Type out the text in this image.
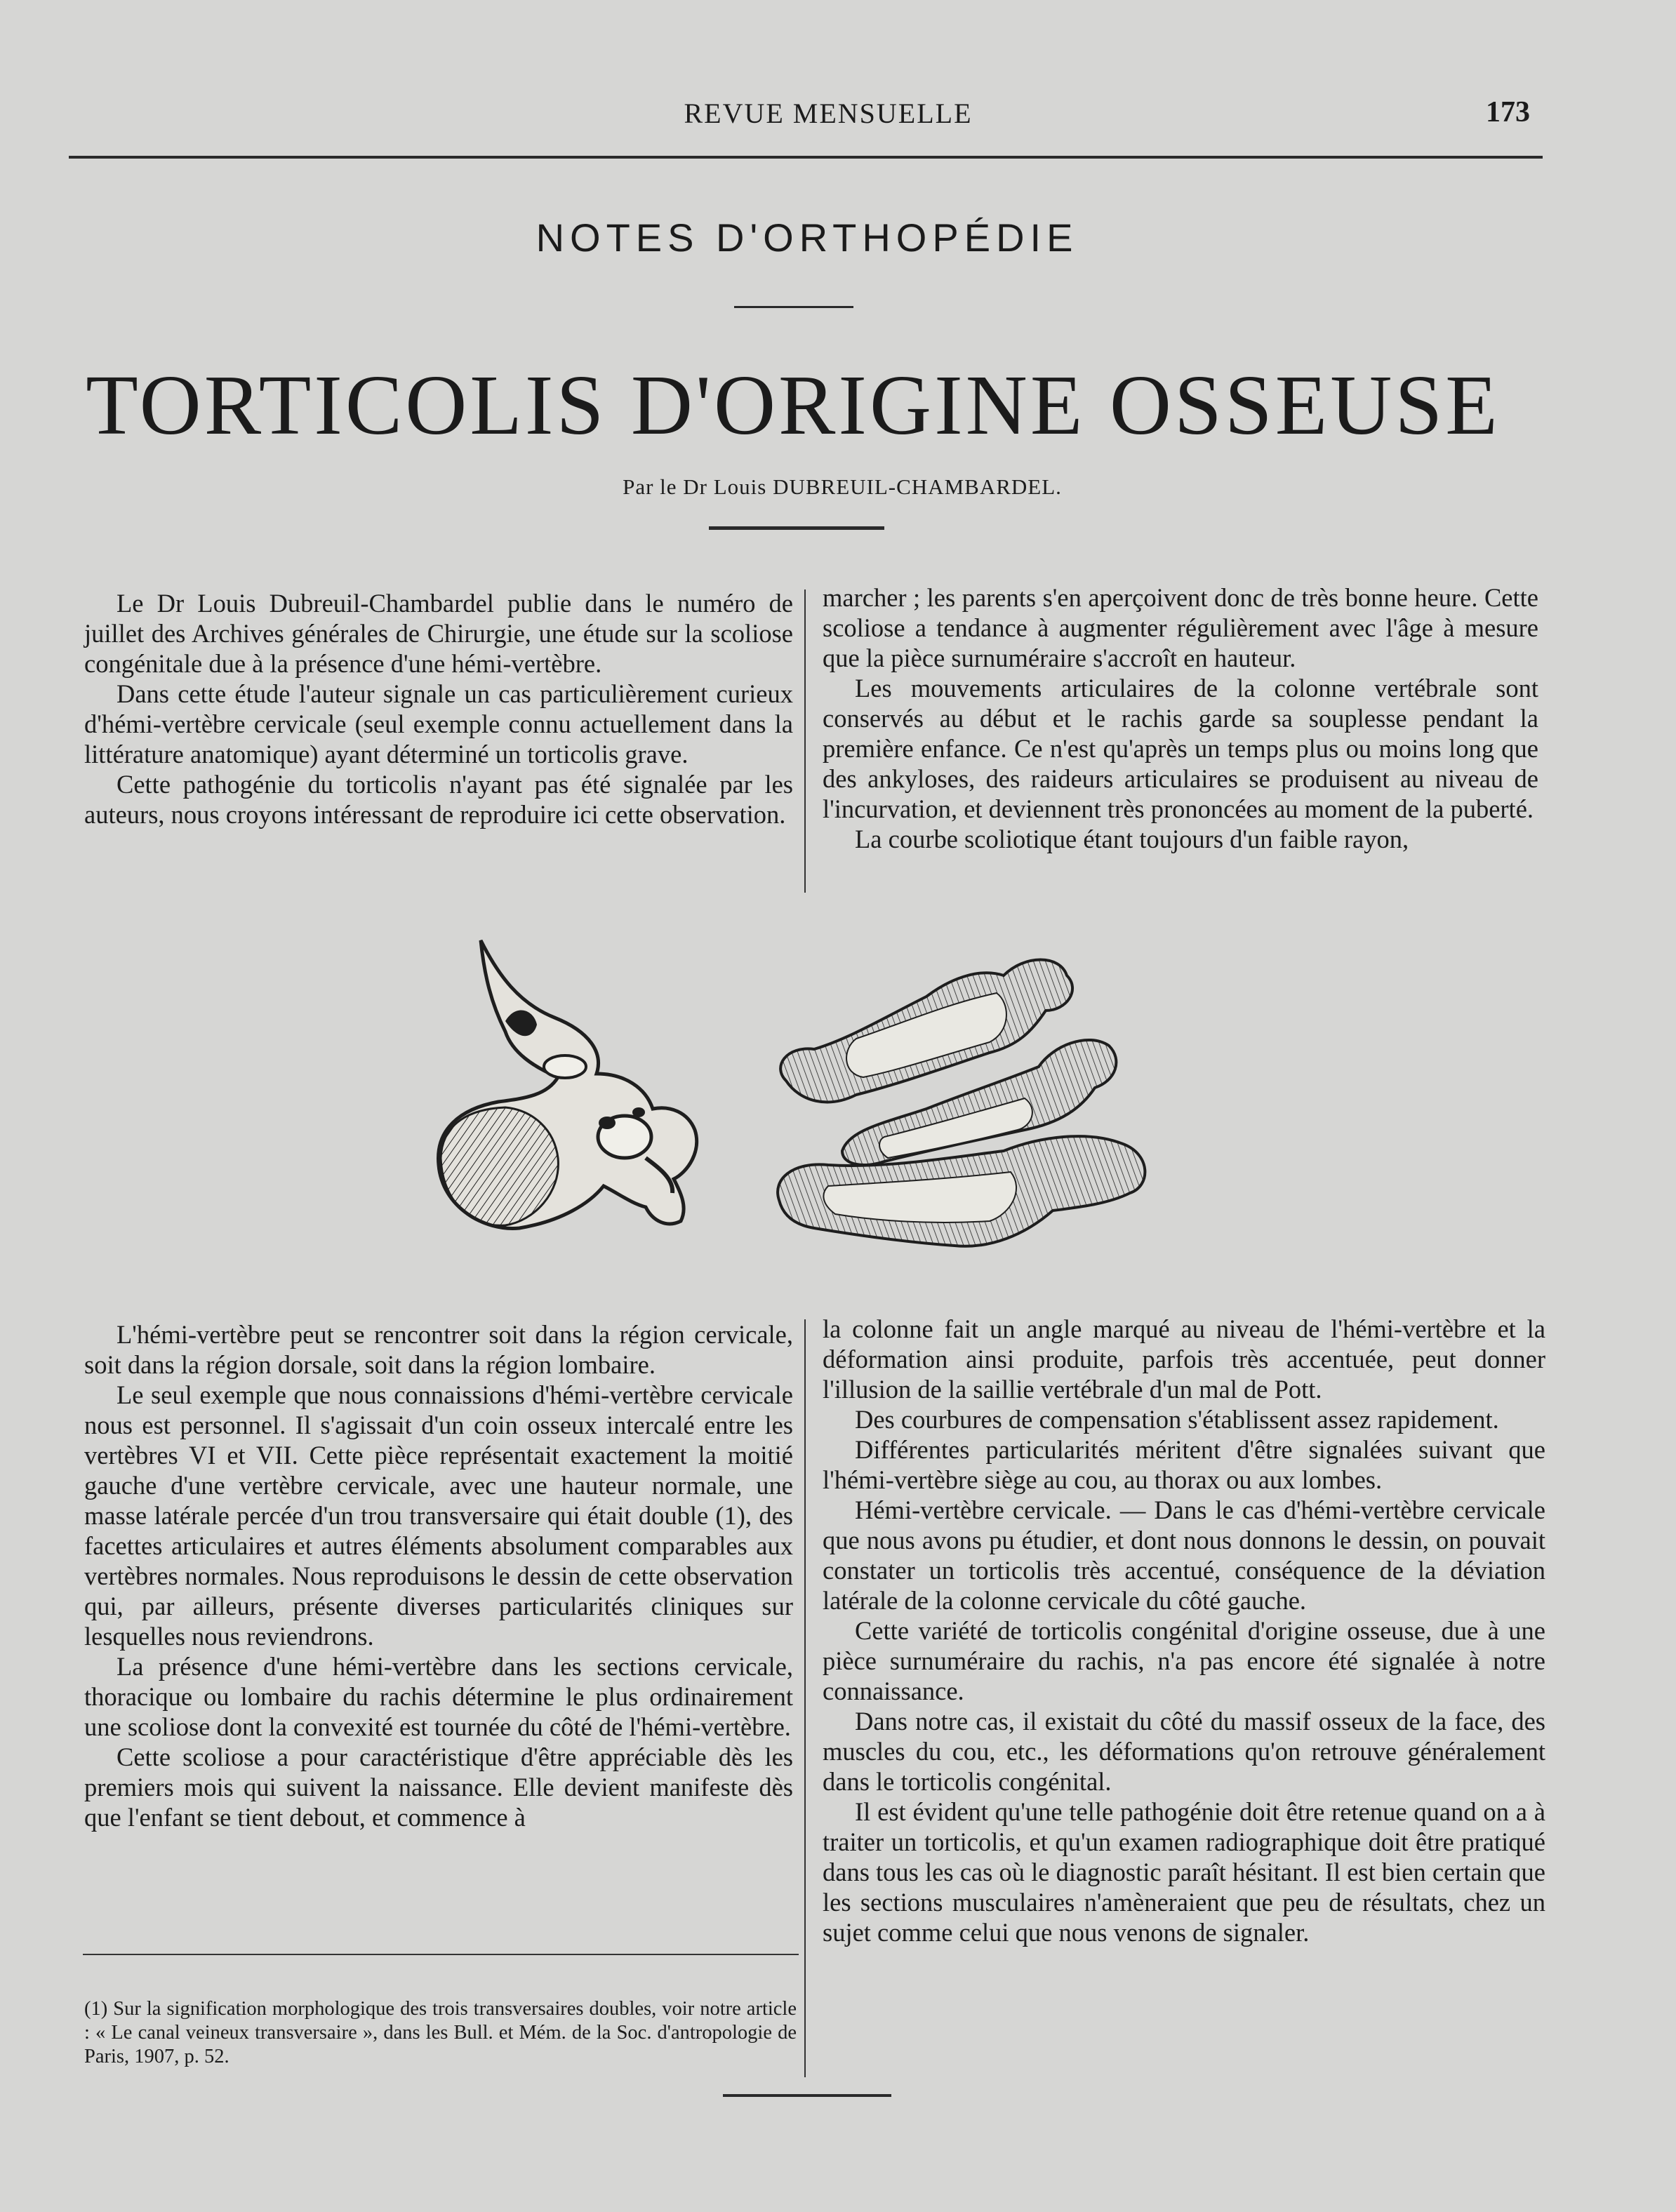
REVUE MENSUELLE	173
NOTES D'ORTHOPÉDIE
TORTICOLIS D'ORIGINE OSSEUSE
Par le Dr Louis DUBREUIL-CHAMBARDEL.

Le Dr Louis Dubreuil-Chambardel publie dans le numéro de juillet des Archives générales de Chirurgie, une étude sur la scoliose congénitale due à la présence d'une hémi-vertèbre.

Dans cette étude l'auteur signale un cas particulièrement curieux d'hémi-vertèbre cervicale (seul exemple connu actuellement dans la littérature anatomique) ayant déterminé un torticolis grave.

Cette pathogénie du torticolis n'ayant pas été signalée par les auteurs, nous croyons intéressant de reproduire ici cette observation.

marcher ; les parents s'en aperçoivent donc de très bonne heure. Cette scoliose a tendance à augmenter régulièrement avec l'âge à mesure que la pièce surnuméraire s'accroît en hauteur.

Les mouvements articulaires de la colonne vertébrale sont conservés au début et le rachis garde sa souplesse pendant la première enfance. Ce n'est qu'après un temps plus ou moins long que des ankyloses, des raideurs articulaires se produisent au niveau de l'incurvation, et deviennent très prononcées au moment de la puberté.

La courbe scoliotique étant toujours d'un faible rayon,

L'hémi-vertèbre peut se rencontrer soit dans la région cervicale, soit dans la région dorsale, soit dans la région lombaire.

Le seul exemple que nous connaissions d'hémi-vertèbre cervicale nous est personnel. Il s'agissait d'un coin osseux intercalé entre les vertèbres VI et VII. Cette pièce représentait exactement la moitié gauche d'une vertèbre cervicale, avec une hauteur normale, une masse latérale percée d'un trou transversaire qui était double (1), des facettes articulaires et autres éléments absolument comparables aux vertèbres normales. Nous reproduisons le dessin de cette observation qui, par ailleurs, présente diverses particularités cliniques sur lesquelles nous reviendrons.

La présence d'une hémi-vertèbre dans les sections cervicale, thoracique ou lombaire du rachis détermine le plus ordinairement une scoliose dont la convexité est tournée du côté de l'hémi-vertèbre.

Cette scoliose a pour caractéristique d'être appréciable dès les premiers mois qui suivent la naissance. Elle devient manifeste dès que l'enfant se tient debout, et commence à

la colonne fait un angle marqué au niveau de l'hémi-vertèbre et la déformation ainsi produite, parfois très accentuée, peut donner l'illusion de la saillie vertébrale d'un mal de Pott.

Des courbures de compensation s'établissent assez rapidement.

Différentes particularités méritent d'être signalées suivant que l'hémi-vertèbre siège au cou, au thorax ou aux lombes.

Hémi-vertèbre cervicale. — Dans le cas d'hémi-vertèbre cervicale que nous avons pu étudier, et dont nous donnons le dessin, on pouvait constater un torticolis très accentué, conséquence de la déviation latérale de la colonne cervicale du côté gauche.

Cette variété de torticolis congénital d'origine osseuse, due à une pièce surnuméraire du rachis, n'a pas encore été signalée à notre connaissance.

Dans notre cas, il existait du côté du massif osseux de la face, des muscles du cou, etc., les déformations qu'on retrouve généralement dans le torticolis congénital.

Il est évident qu'une telle pathogénie doit être retenue quand on a à traiter un torticolis, et qu'un examen radiographique doit être pratiqué dans tous les cas où le diagnostic paraît hésitant. Il est bien certain que les sections musculaires n'amèneraient que peu de résultats, chez un sujet comme celui que nous venons de signaler.

(1) Sur la signification morphologique des trois transversaires doubles, voir notre article : « Le canal veineux transversaire », dans les Bull. et Mém. de la Soc. d'antropologie de Paris, 1907, p. 52.
